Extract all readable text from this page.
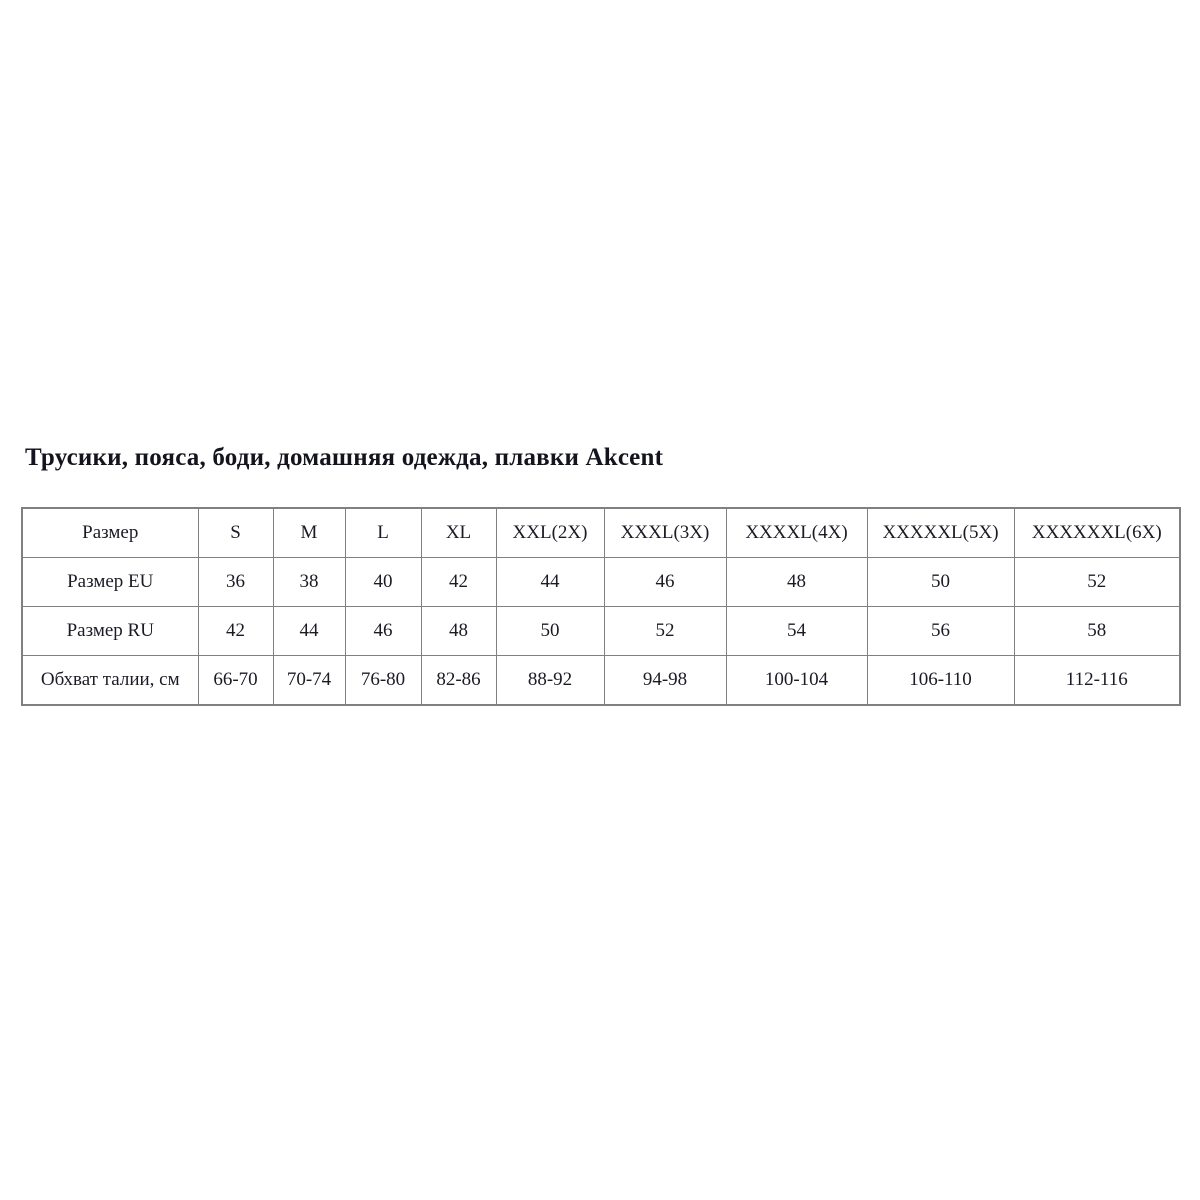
Трусики, пояса, боди, домашняя одежда, плавки Akcent
Размер	S	M	L	XL	XXL(2X)	XXXL(3X)	XXXXL(4X)	XXXXXL(5X)	XXXXXXL(6X)
Размер EU	36	38	40	42	44	46	48	50	52
Размер RU	42	44	46	48	50	52	54	56	58
Обхват талии, см	66-70	70-74	76-80	82-86	88-92	94-98	100-104	106-110	112-116
